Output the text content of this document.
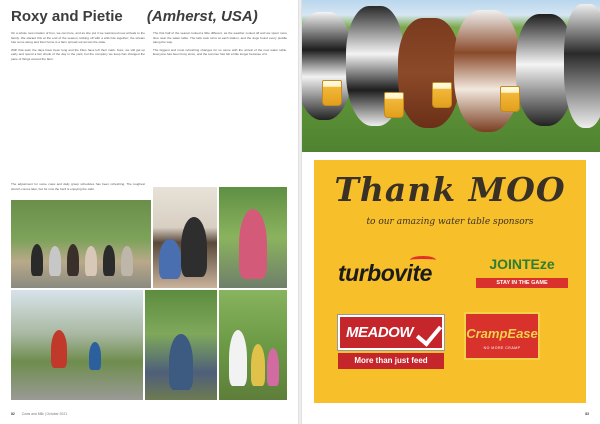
Roxy and Pietie (Amherst, USA)

On a whole new rotation of Fun, we can here, and as she put it we welcomed new arrivals to the family. We started this at the end of the season, kicking off with a wild ride together; the stream has come along and their home is a farm spread out across the state.

With that said, the days have been long and the Flies have left their mark. Sure, we still get up early and spend a fair chunk of the day in the yard, but the company we keep has changed the pace of things around the farm.

The first half of the season looked a little different, as the weather cooled off and we spent more time near the water table. The kids took turns at each station, and the dogs found every puddle along the way.

The biggest and most refreshing changes for us came with the arrival of the new water table. Everyone has been busy since, and the summer has felt a little longer because of it.

The adjustment for some cows and daily group schedules has been refreshing. The toughest stretch comes later, but for now the herd is enjoying the calm.
82 Cows and Milk | October 2021
Thank MOO
to our amazing water table sponsors
turbovite	JOINTEze
STAY IN THE GAME
MEADOW
More than just feed
CrampEase
NO MORE CRAMP
83
